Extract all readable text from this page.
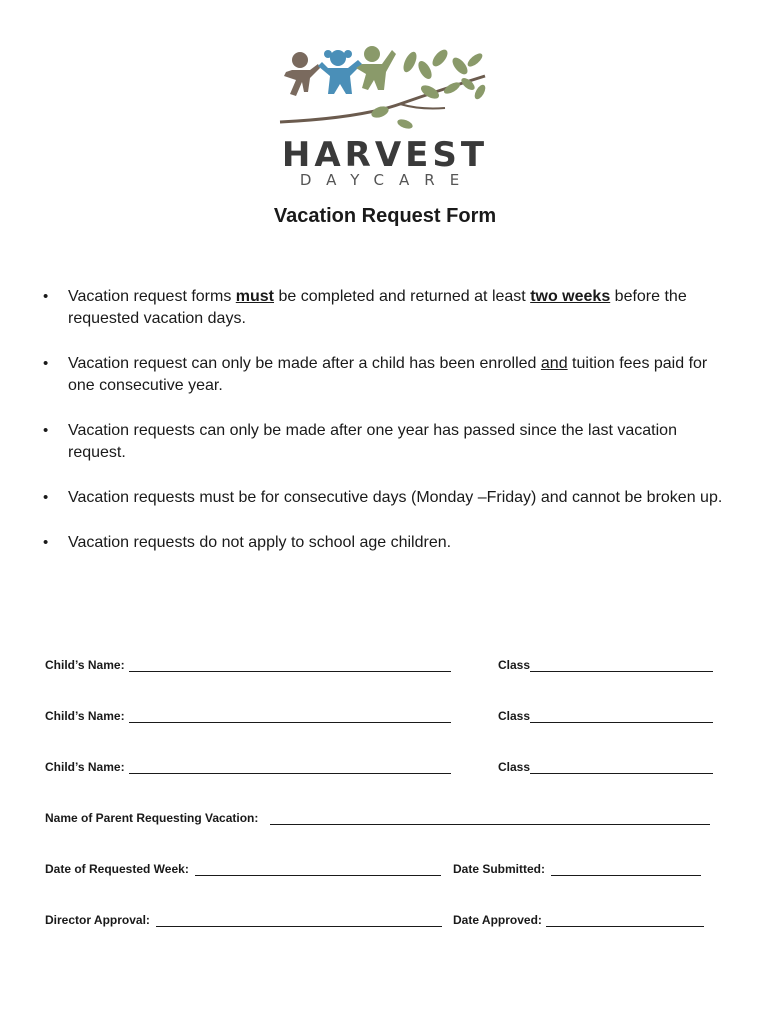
HARVEST
DAYCARE
Vacation Request Form
• Vacation request forms must be completed and returned at least two weeks before the requested vacation days.
• Vacation request can only be made after a child has been enrolled and tuition fees paid for one consecutive year.
• Vacation requests can only be made after one year has passed since the last vacation request.
• Vacation requests must be for consecutive days (Monday –Friday) and cannot be broken up.
• Vacation requests do not apply to school age children.
Child’s Name:	Class
Child’s Name:	Class
Child’s Name:	Class
Name of Parent Requesting Vacation:
Date of Requested Week:	Date Submitted:
Director Approval:	Date Approved:
